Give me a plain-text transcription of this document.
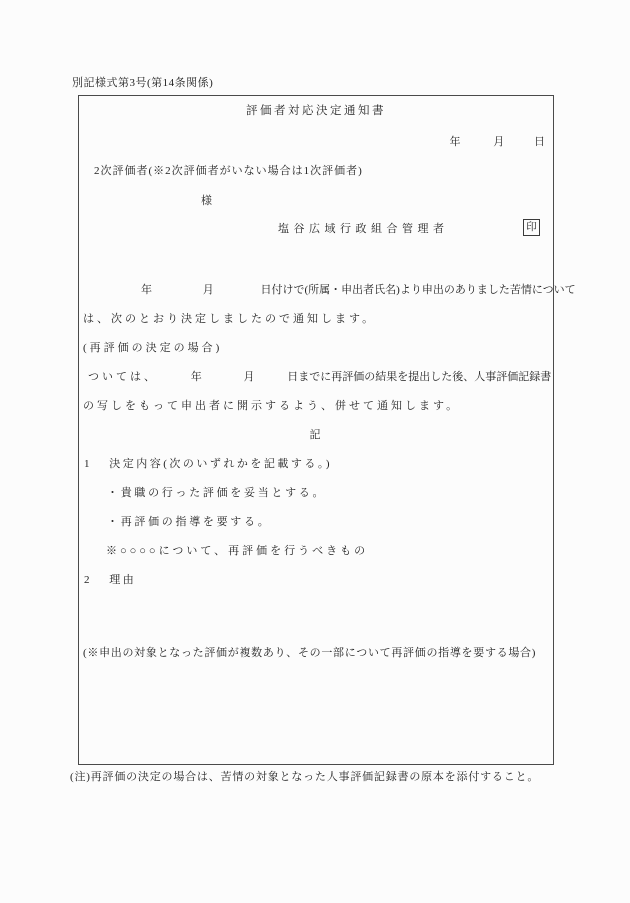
別記様式第3号(第14条関係)
評価者対応決定通知書
年	月	日
2次評価者(※2次評価者がいない場合は1次評価者)
様
塩谷広域行政組合管理者	印
年	月	日付けで(所属・申出者氏名)より申出のありました苦情について
は、次のとおり決定しましたので通知します。
(再評価の決定の場合)
ついては、	年	月	日までに再評価の結果を提出した後、人事評価記録書
の写しをもって申出者に開示するよう、併せて通知します。
記
1 決定内容(次のいずれかを記載する。)
・貴職の行った評価を妥当とする。
・再評価の指導を要する。
※○○○○について、再評価を行うべきもの
2 理由
(※申出の対象となった評価が複数あり、その一部について再評価の指導を要する場合)
(注)再評価の決定の場合は、苦情の対象となった人事評価記録書の原本を添付すること。
